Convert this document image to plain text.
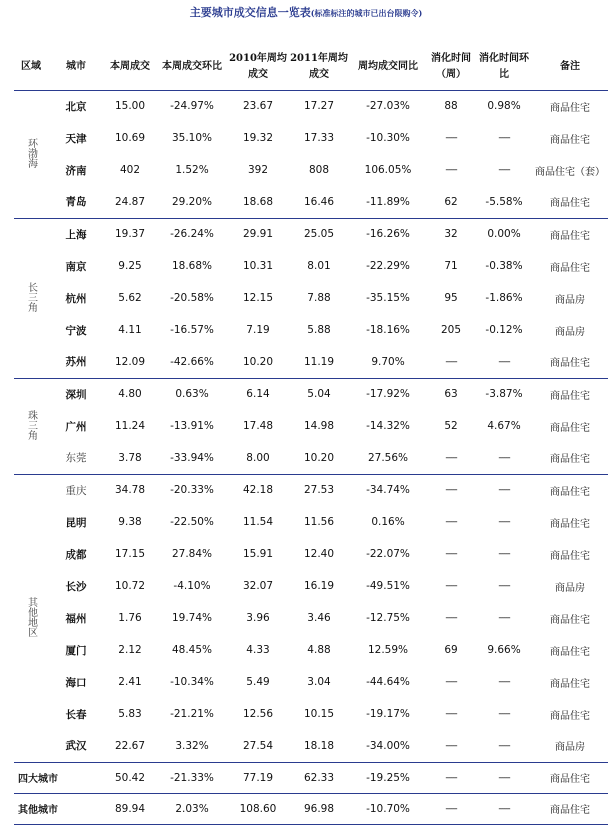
主要城市成交信息一览表(标准标注的城市已出台限购令)
区域	城市	本周成交	本周成交环比	2010年周均成交	2011年周均成交	周均成交同比	消化时间（周）	消化时间环比	备注
环渤海	北京	15.00	-24.97%	23.67	17.27	-27.03%	88	0.98%	商品住宅
	天津	10.69	35.10%	19.32	17.33	-10.30%	-----	-----	商品住宅
	济南	402	1.52%	392	808	106.05%	-----	-----	商品住宅（套）
	青岛	24.87	29.20%	18.68	16.46	-11.89%	62	-5.58%	商品住宅
长三角	上海	19.37	-26.24%	29.91	25.05	-16.26%	32	0.00%	商品住宅
	南京	9.25	18.68%	10.31	8.01	-22.29%	71	-0.38%	商品住宅
	杭州	5.62	-20.58%	12.15	7.88	-35.15%	95	-1.86%	商品房
	宁波	4.11	-16.57%	7.19	5.88	-18.16%	205	-0.12%	商品房
	苏州	12.09	-42.66%	10.20	11.19	9.70%	-----	-----	商品住宅
珠三角	深圳	4.80	0.63%	6.14	5.04	-17.92%	63	-3.87%	商品住宅
	广州	11.24	-13.91%	17.48	14.98	-14.32%	52	4.67%	商品住宅
	东莞	3.78	-33.94%	8.00	10.20	27.56%	-----	-----	商品住宅
其他地区	重庆	34.78	-20.33%	42.18	27.53	-34.74%	-----	-----	商品住宅
	昆明	9.38	-22.50%	11.54	11.56	0.16%	-----	-----	商品住宅
	成都	17.15	27.84%	15.91	12.40	-22.07%	-----	-----	商品住宅
	长沙	10.72	-4.10%	32.07	16.19	-49.51%	-----	-----	商品房
	福州	1.76	19.74%	3.96	3.46	-12.75%	-----	-----	商品住宅
	厦门	2.12	48.45%	4.33	4.88	12.59%	69	9.66%	商品住宅
	海口	2.41	-10.34%	5.49	3.04	-44.64%	-----	-----	商品住宅
	长春	5.83	-21.21%	12.56	10.15	-19.17%	-----	-----	商品住宅
	武汉	22.67	3.32%	27.54	18.18	-34.00%	-----	-----	商品房
四大城市		50.42	-21.33%	77.19	62.33	-19.25%	-----	-----	商品住宅
其他城市		89.94	2.03%	108.60	96.98	-10.70%	-----	-----	商品住宅
